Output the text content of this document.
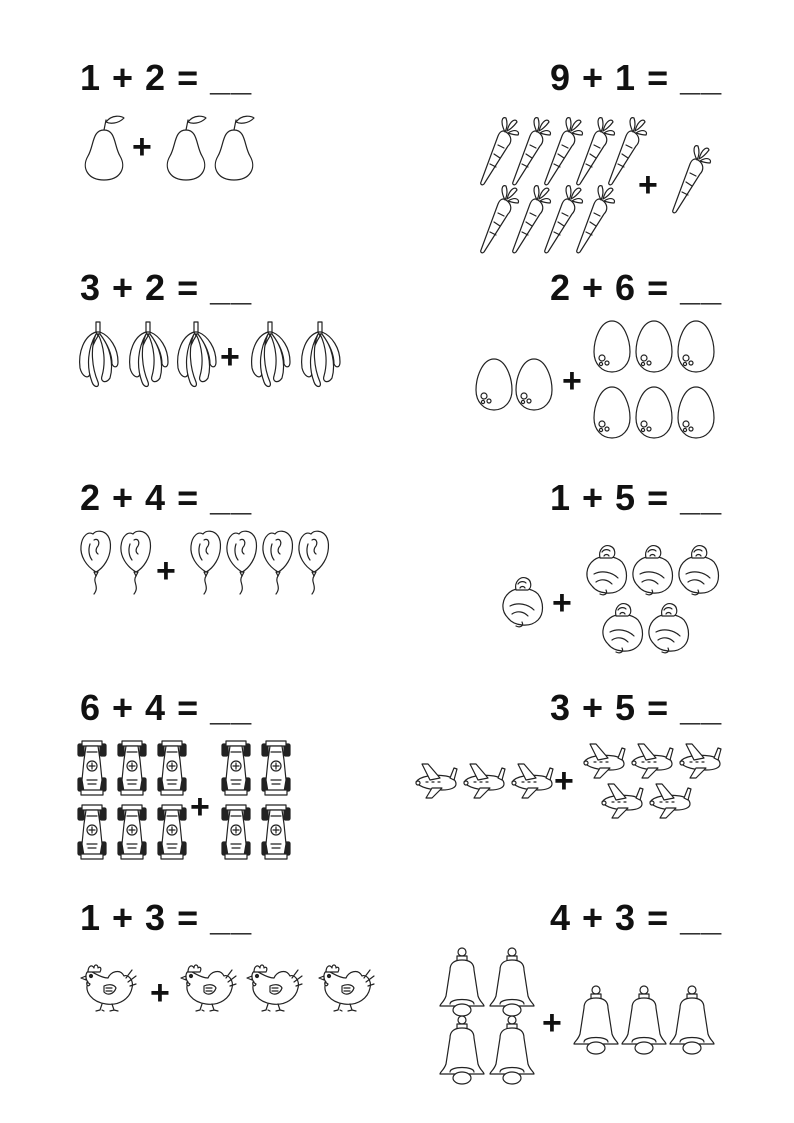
1 + 2 = __	9 + 1 = __
3 + 2 = __	2 + 6 = __
2 + 4 = __	1 + 5 = __
6 + 4 = __	3 + 5 = __
1 + 3 = __	4 + 3 = __
+
+
+
+
+
+
+
+
+
+
